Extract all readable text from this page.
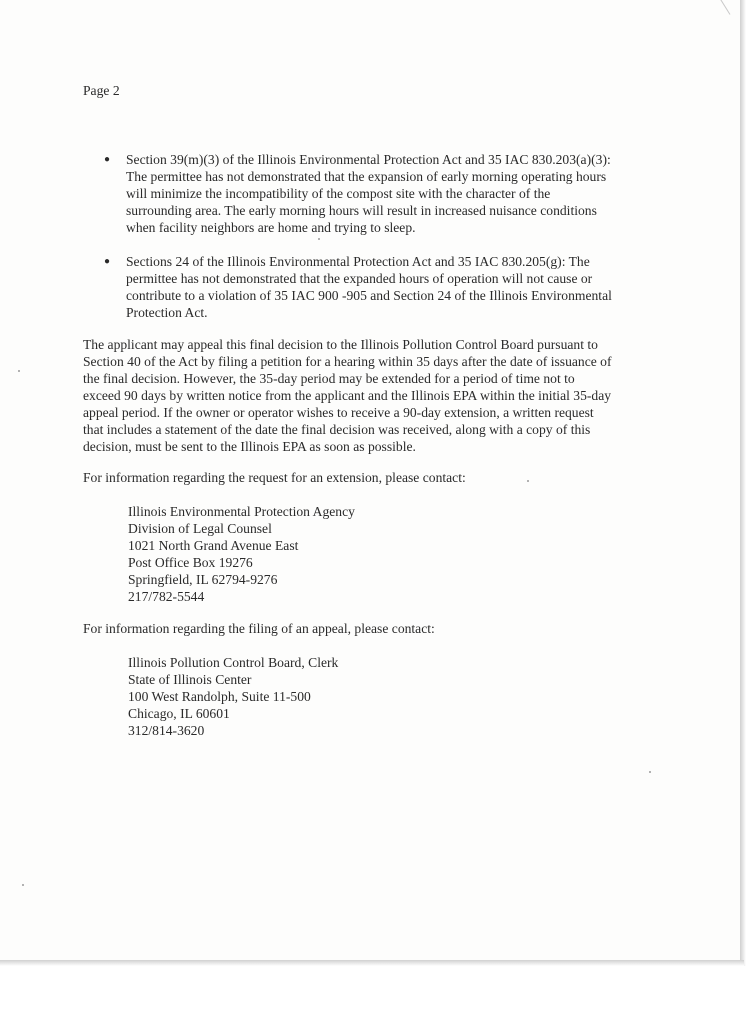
Page 2
● Section 39(m)(3) of the Illinois Environmental Protection Act and 35 IAC 830.203(a)(3):
The permittee has not demonstrated that the expansion of early morning operating hours
will minimize the incompatibility of the compost site with the character of the
surrounding area. The early morning hours will result in increased nuisance conditions
when facility neighbors are home and trying to sleep.
● Sections 24 of the Illinois Environmental Protection Act and 35 IAC 830.205(g): The
permittee has not demonstrated that the expanded hours of operation will not cause or
contribute to a violation of 35 IAC 900 -905 and Section 24 of the Illinois Environmental
Protection Act.
The applicant may appeal this final decision to the Illinois Pollution Control Board pursuant to
Section 40 of the Act by filing a petition for a hearing within 35 days after the date of issuance of
the final decision. However, the 35-day period may be extended for a period of time not to
exceed 90 days by written notice from the applicant and the Illinois EPA within the initial 35-day
appeal period. If the owner or operator wishes to receive a 90-day extension, a written request
that includes a statement of the date the final decision was received, along with a copy of this
decision, must be sent to the Illinois EPA as soon as possible.
For information regarding the request for an extension, please contact:
Illinois Environmental Protection Agency
Division of Legal Counsel
1021 North Grand Avenue East
Post Office Box 19276
Springfield, IL 62794-9276
217/782-5544
For information regarding the filing of an appeal, please contact:
Illinois Pollution Control Board, Clerk
State of Illinois Center
100 West Randolph, Suite 11-500
Chicago, IL 60601
312/814-3620
